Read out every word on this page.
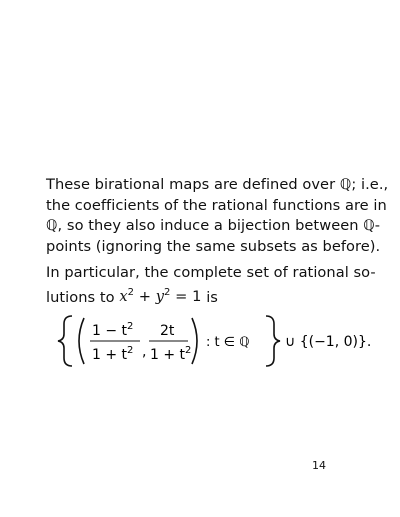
These birational maps are defined over ℚ; i.e.,

the coefficients of the rational functions are in

ℚ, so they also induce a bijection between ℚ-

points (ignoring the same subsets as before).

In particular, the complete set of rational so-

lutions to $x^2 + y^2 = 1$ is

$1 - t^2$
$1 + t^2$ ,
2t
$1 + t^2$
: t ∈ ℚ	∪ {(−1, 0)}.
14
